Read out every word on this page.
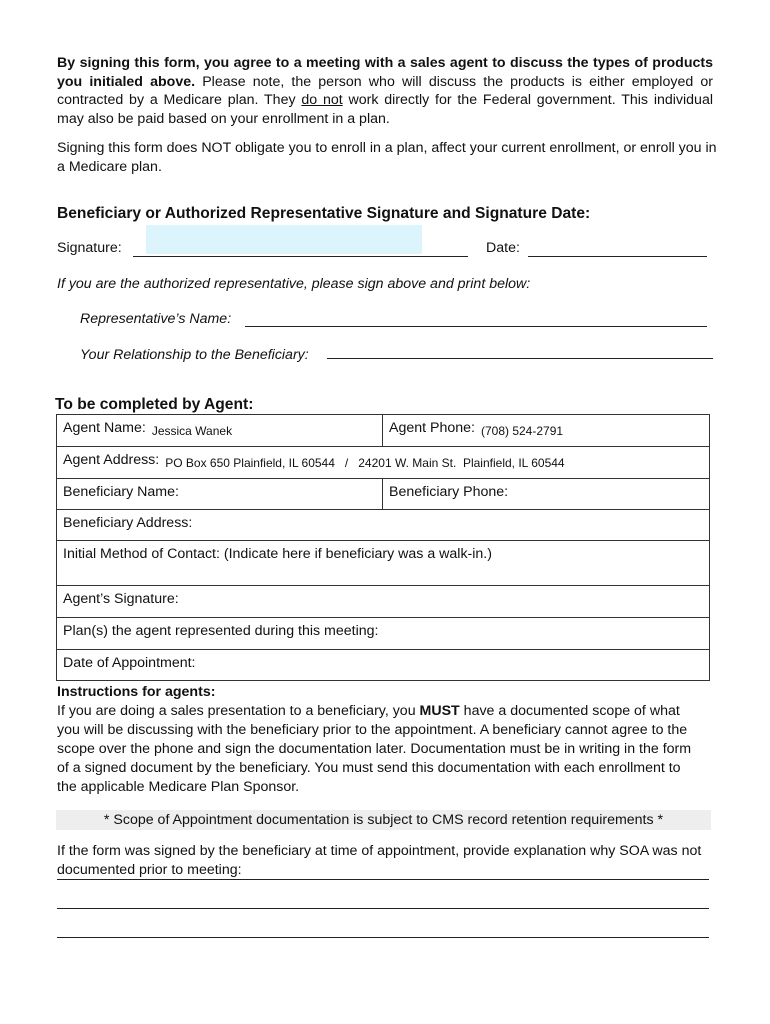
By signing this form, you agree to a meeting with a sales agent to discuss the types of products you initialed above. Please note, the person who will discuss the products is either employed or contracted by a Medicare plan. They do not work directly for the Federal government. This individual may also be paid based on your enrollment in a plan.
Signing this form does NOT obligate you to enroll in a plan, affect your current enrollment, or enroll you in a Medicare plan.
Beneficiary or Authorized Representative Signature and Signature Date:
Signature:	Date:
If you are the authorized representative, please sign above and print below:
Representative’s Name:
Your Relationship to the Beneficiary:
To be completed by Agent:
Agent Name: $_{Jessica Wanek}$	Agent Phone: $_{(708) 524-2791}$
Agent Address: $_{PO Box 650 Plainfield, IL 60544 / 24201 W. Main St. Plainfield, IL 60544}$
Beneficiary Name:	Beneficiary Phone:
Beneficiary Address:	
Initial Method of Contact: (Indicate here if beneficiary was a walk-in.)	
Agent’s Signature:	
Plan(s) the agent represented during this meeting:	
Date of Appointment:	
Instructions for agents:
If you are doing a sales presentation to a beneficiary, you MUST have a documented scope of what you will be discussing with the beneficiary prior to the appointment. A beneficiary cannot agree to the scope over the phone and sign the documentation later. Documentation must be in writing in the form of a signed document by the beneficiary. You must send this documentation with each enrollment to the applicable Medicare Plan Sponsor.
* Scope of Appointment documentation is subject to CMS record retention requirements *
If the form was signed by the beneficiary at time of appointment, provide explanation why SOA was not documented prior to meeting:
